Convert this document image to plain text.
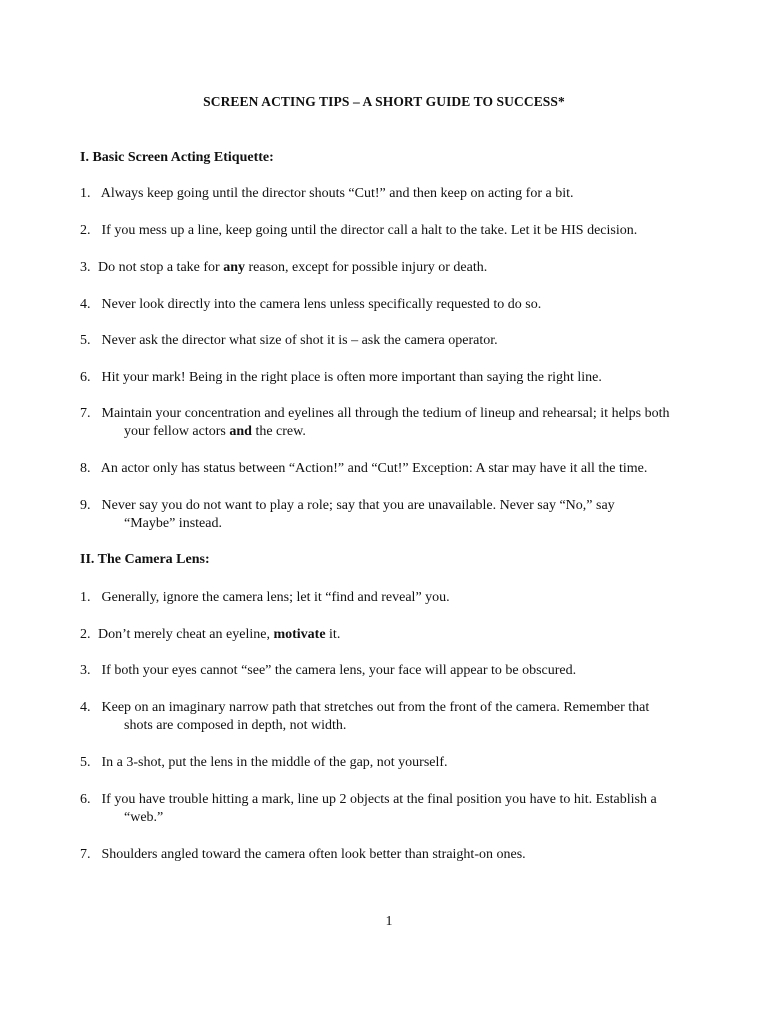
SCREEN ACTING TIPS – A SHORT GUIDE TO SUCCESS*
I. Basic Screen Acting Etiquette:
1. Always keep going until the director shouts “Cut!” and then keep on acting for a bit.
2. If you mess up a line, keep going until the director call a halt to the take. Let it be HIS decision.
3. Do not stop a take for any reason, except for possible injury or death.
4. Never look directly into the camera lens unless specifically requested to do so.
5. Never ask the director what size of shot it is – ask the camera operator.
6. Hit your mark! Being in the right place is often more important than saying the right line.
7. Maintain your concentration and eyelines all through the tedium of lineup and rehearsal; it helps both
your fellow actors and the crew.
8. An actor only has status between “Action!” and “Cut!” Exception: A star may have it all the time.
9. Never say you do not want to play a role; say that you are unavailable. Never say “No,” say
“Maybe” instead.
II. The Camera Lens:
1. Generally, ignore the camera lens; let it “find and reveal” you.
2. Don’t merely cheat an eyeline, motivate it.
3. If both your eyes cannot “see” the camera lens, your face will appear to be obscured.
4. Keep on an imaginary narrow path that stretches out from the front of the camera. Remember that
shots are composed in depth, not width.
5. In a 3-shot, put the lens in the middle of the gap, not yourself.
6. If you have trouble hitting a mark, line up 2 objects at the final position you have to hit. Establish a
“web.”
7. Shoulders angled toward the camera often look better than straight-on ones.
1
